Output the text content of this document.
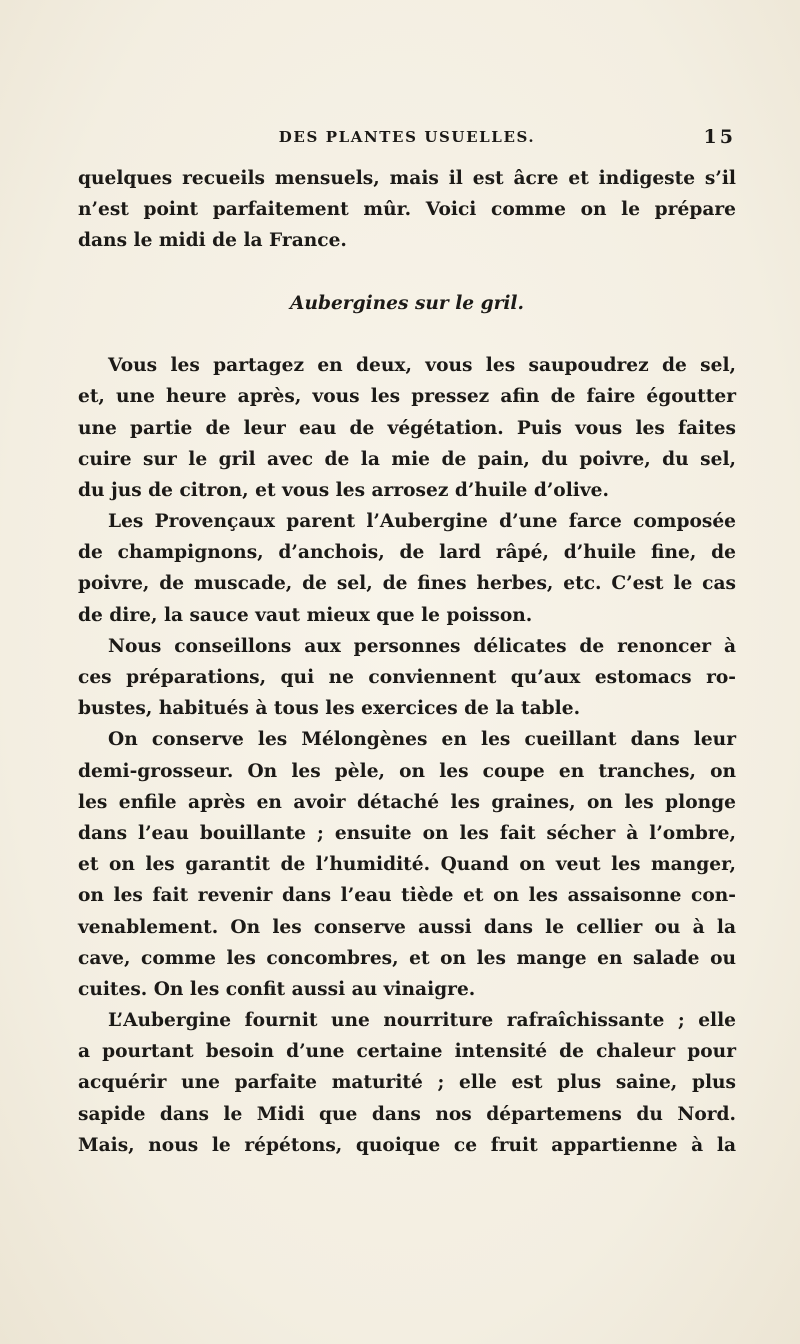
DES PLANTES USUELLES.	15
quelques recueils mensuels, mais il est âcre et indigeste s’il
n’est point parfaitement mûr. Voici comme on le prépare
dans le midi de la France.
Aubergines sur le gril.
Vous les partagez en deux, vous les saupoudrez de sel,
et, une heure après, vous les pressez afin de faire égoutter
une partie de leur eau de végétation. Puis vous les faites
cuire sur le gril avec de la mie de pain, du poivre, du sel,
du jus de citron, et vous les arrosez d’huile d’olive.
Les Provençaux parent l’Aubergine d’une farce composée
de champignons, d’anchois, de lard râpé, d’huile fine, de
poivre, de muscade, de sel, de fines herbes, etc. C’est le cas
de dire, la sauce vaut mieux que le poisson.
Nous conseillons aux personnes délicates de renoncer à
ces préparations, qui ne conviennent qu’aux estomacs ro-
bustes, habitués à tous les exercices de la table.
On conserve les Mélongènes en les cueillant dans leur
demi-grosseur. On les pèle, on les coupe en tranches, on
les enfile après en avoir détaché les graines, on les plonge
dans l’eau bouillante ; ensuite on les fait sécher à l’ombre,
et on les garantit de l’humidité. Quand on veut les manger,
on les fait revenir dans l’eau tiède et on les assaisonne con-
venablement. On les conserve aussi dans le cellier ou à la
cave, comme les concombres, et on les mange en salade ou
cuites. On les confit aussi au vinaigre.
L’Aubergine fournit une nourriture rafraîchissante ; elle
a pourtant besoin d’une certaine intensité de chaleur pour
acquérir une parfaite maturité ; elle est plus saine, plus
sapide dans le Midi que dans nos départemens du Nord.
Mais, nous le répétons, quoique ce fruit appartienne à la
